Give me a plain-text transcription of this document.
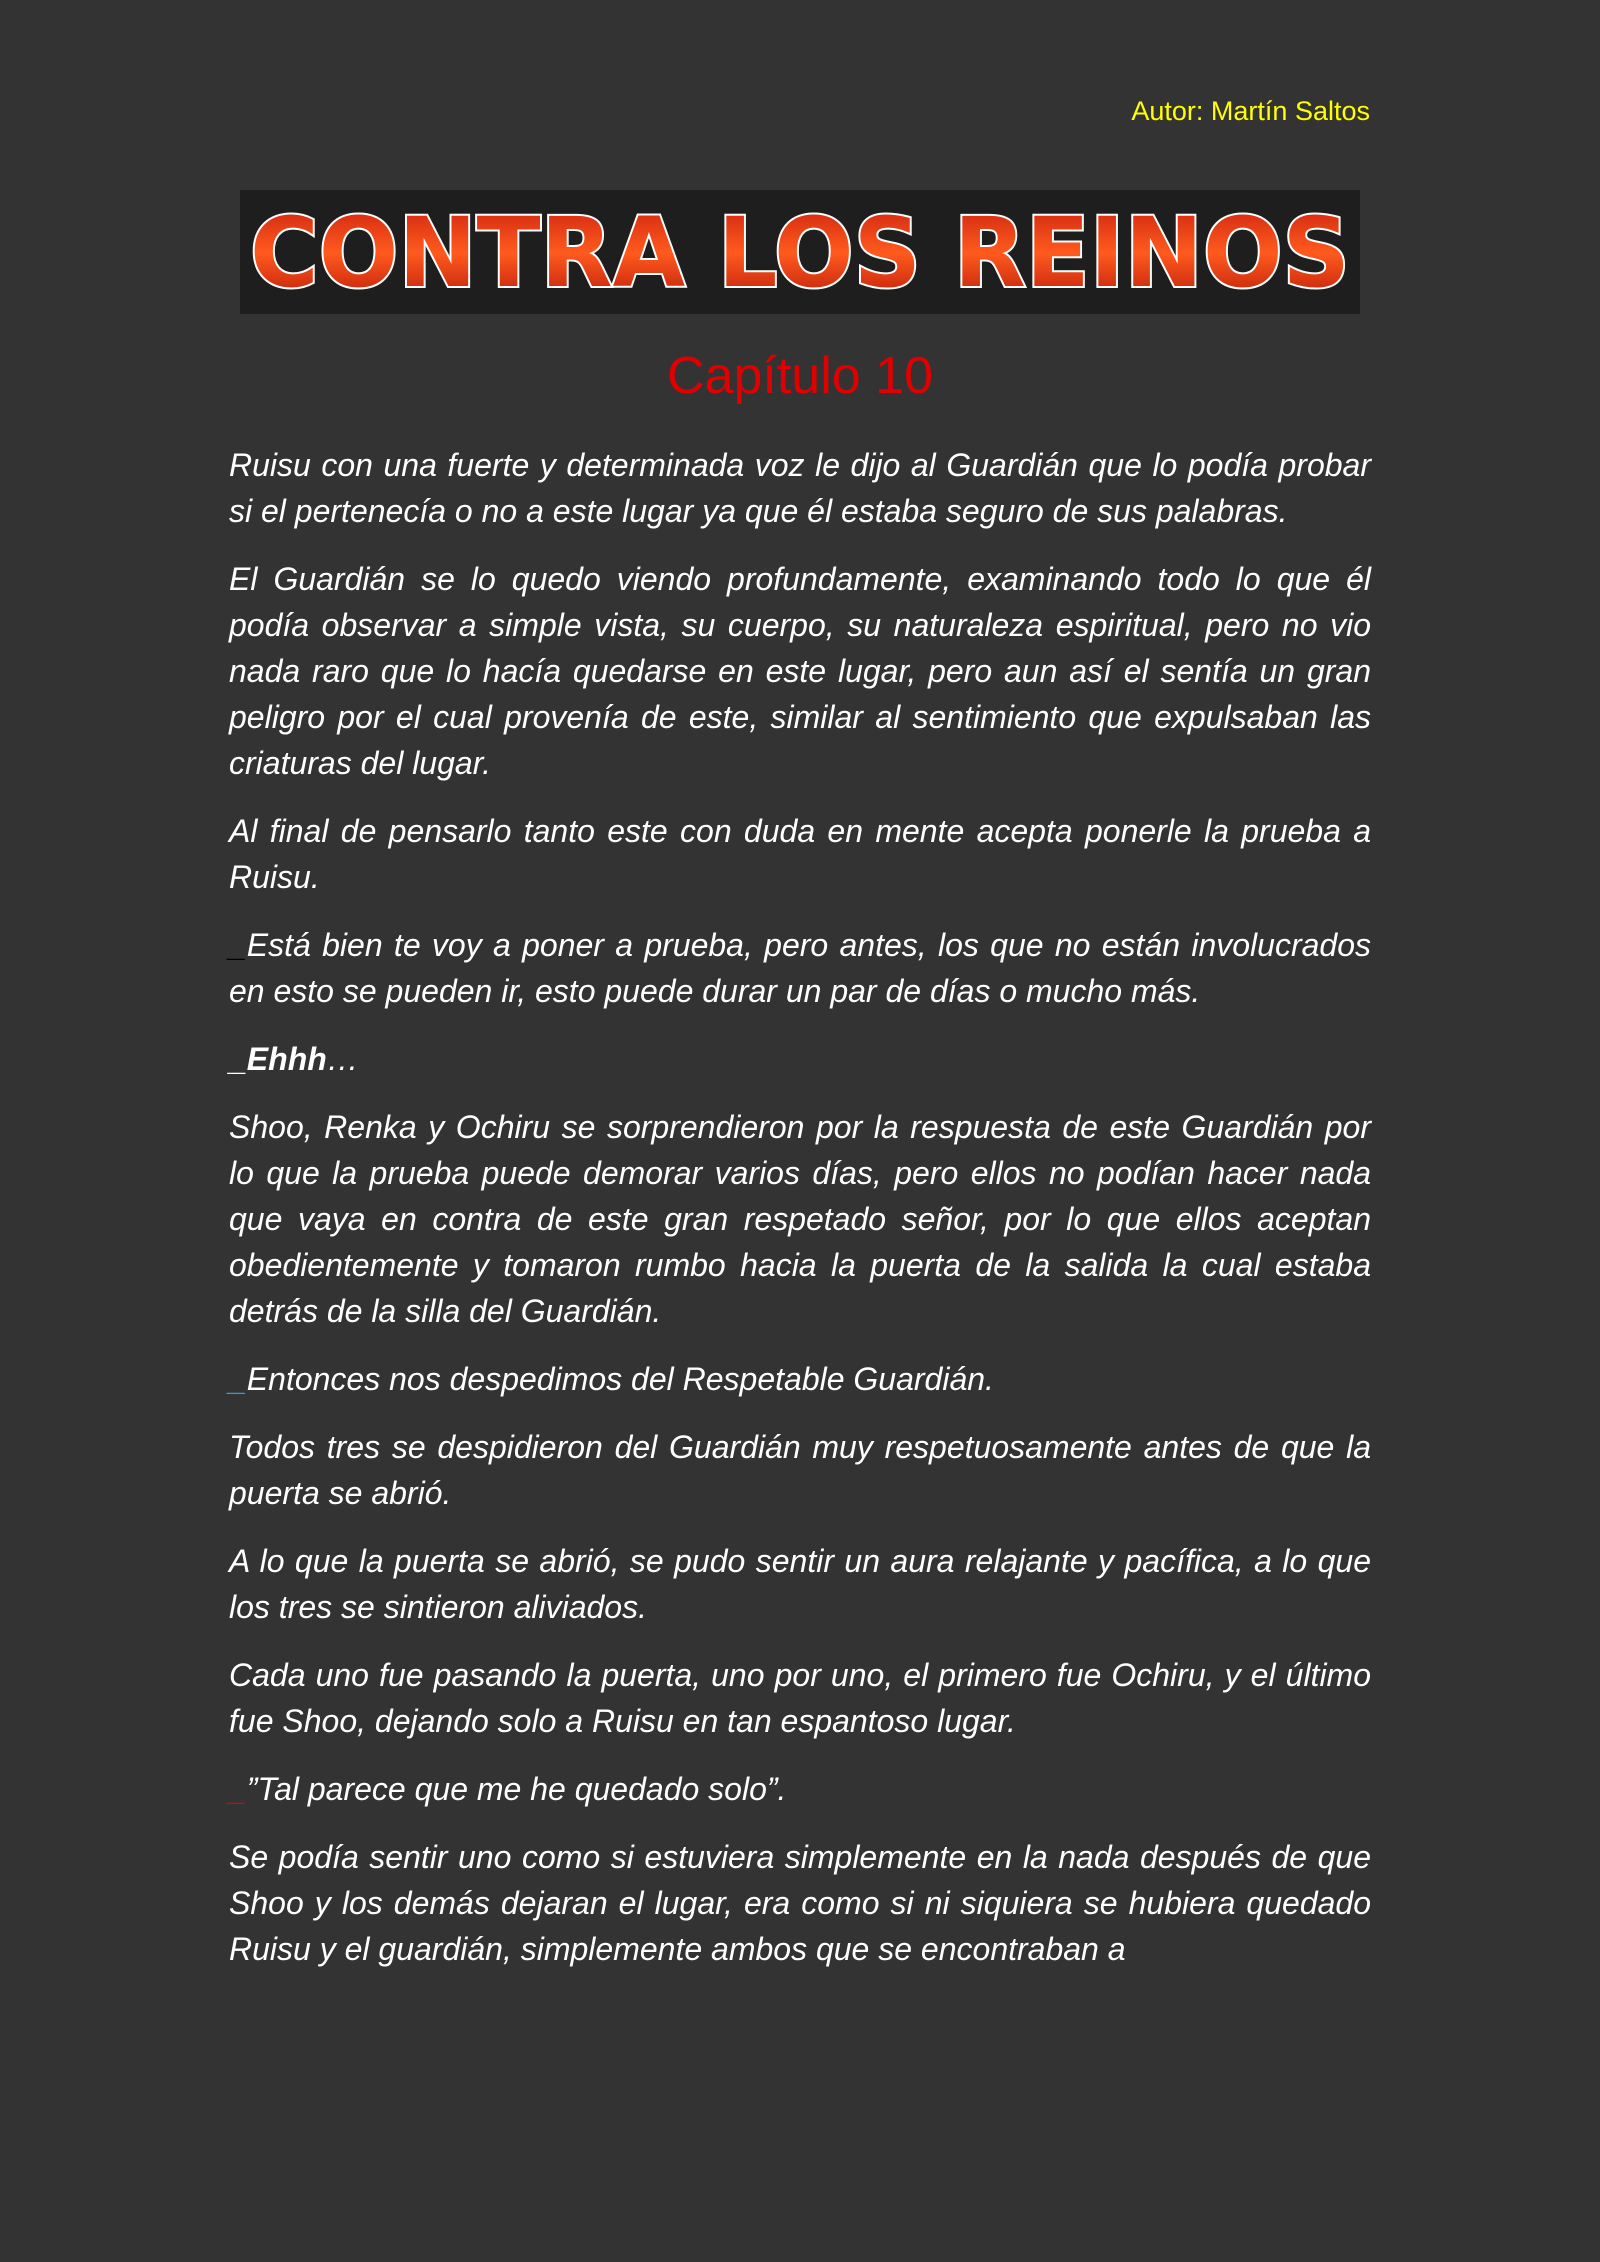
Autor: Martín Saltos
CONTRA LOS REINOS
Capítulo 10

Ruisu con una fuerte y determinada voz le dijo al Guardián que lo podía probar si el pertenecía o no a este lugar ya que él estaba seguro de sus palabras.

El Guardián se lo quedo viendo profundamente, examinando todo lo que él podía observar a simple vista, su cuerpo, su naturaleza espiritual, pero no vio nada raro que lo hacía quedarse en este lugar, pero aun así el sentía un gran peligro por el cual provenía de este, similar al sentimiento que expulsaban las criaturas del lugar.

Al final de pensarlo tanto este con duda en mente acepta ponerle la prueba a Ruisu.

_Está bien te voy a poner a prueba, pero antes, los que no están involucrados en esto se pueden ir, esto puede durar un par de días o mucho más.

_Ehhh…

Shoo, Renka y Ochiru se sorprendieron por la respuesta de este Guardián por lo que la prueba puede demorar varios días, pero ellos no podían hacer nada que vaya en contra de este gran respetado señor, por lo que ellos aceptan obedientemente y tomaron rumbo hacia la puerta de la salida la cual estaba detrás de la silla del Guardián.

_Entonces nos despedimos del Respetable Guardián.

Todos tres se despidieron del Guardián muy respetuosamente antes de que la puerta se abrió.

A lo que la puerta se abrió, se pudo sentir un aura relajante y pacífica, a lo que los tres se sintieron aliviados.

Cada uno fue pasando la puerta, uno por uno, el primero fue Ochiru, y el último fue Shoo, dejando solo a Ruisu en tan espantoso lugar.

_”Tal parece que me he quedado solo”.

Se podía sentir uno como si estuviera simplemente en la nada después de que Shoo y los demás dejaran el lugar, era como si ni siquiera se hubiera quedado Ruisu y el guardián, simplemente ambos que se encontraban a
